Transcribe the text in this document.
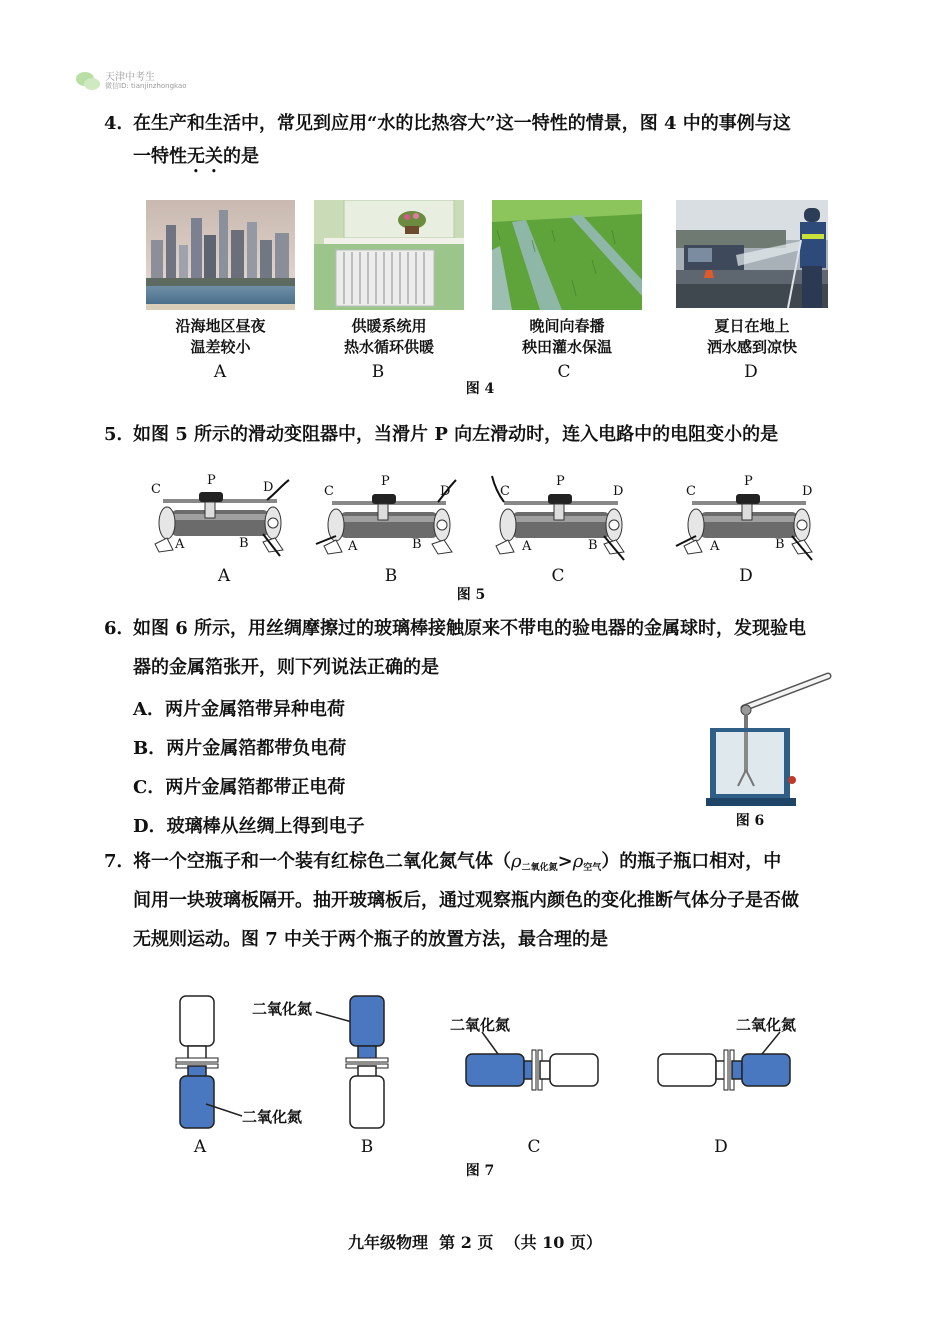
天津中考生
微信ID: tianjinzhongkao
4．
在生产和生活中，常见到应用“水的比热容大”这一特性的情景，图 4 中的事例与这
一特性无关的是
沿海地区昼夜
温差较小
供暖系统用
热水循环供暖
晚间向春播
秧田灌水保温
夏日在地上
洒水感到凉快
A	B	C	D
图 4
5．
如图 5 所示的滑动变阻器中，当滑片 P 向左滑动时，连入电路中的电阻变小的是
C
P	D
A	B
A
C
P
D
A	B
B
C
P
D
A	B
C
C
P
D
A	B
D
图 5
6．
如图 6 所示，用丝绸摩擦过的玻璃棒接触原来不带电的验电器的金属球时，发现验电
器的金属箔张开，则下列说法正确的是
A．两片金属箔带异种电荷
B．两片金属箔都带负电荷
C．两片金属箔都带正电荷
D．玻璃棒从丝绸上得到电子	图 6
7．
将一个空瓶子和一个装有红棕色二氧化氮气体（ρ二氧化氮>ρ空气）的瓶子瓶口相对，中
间用一块玻璃板隔开。抽开玻璃板后，通过观察瓶内颜色的变化推断气体分子是否做
无规则运动。图 7 中关于两个瓶子的放置方法，最合理的是
二氧化氮
A
二氧化氮
B
二氧化氮
C
二氧化氮
D
图 7
九年级物理  第 2 页  （共 10 页）
